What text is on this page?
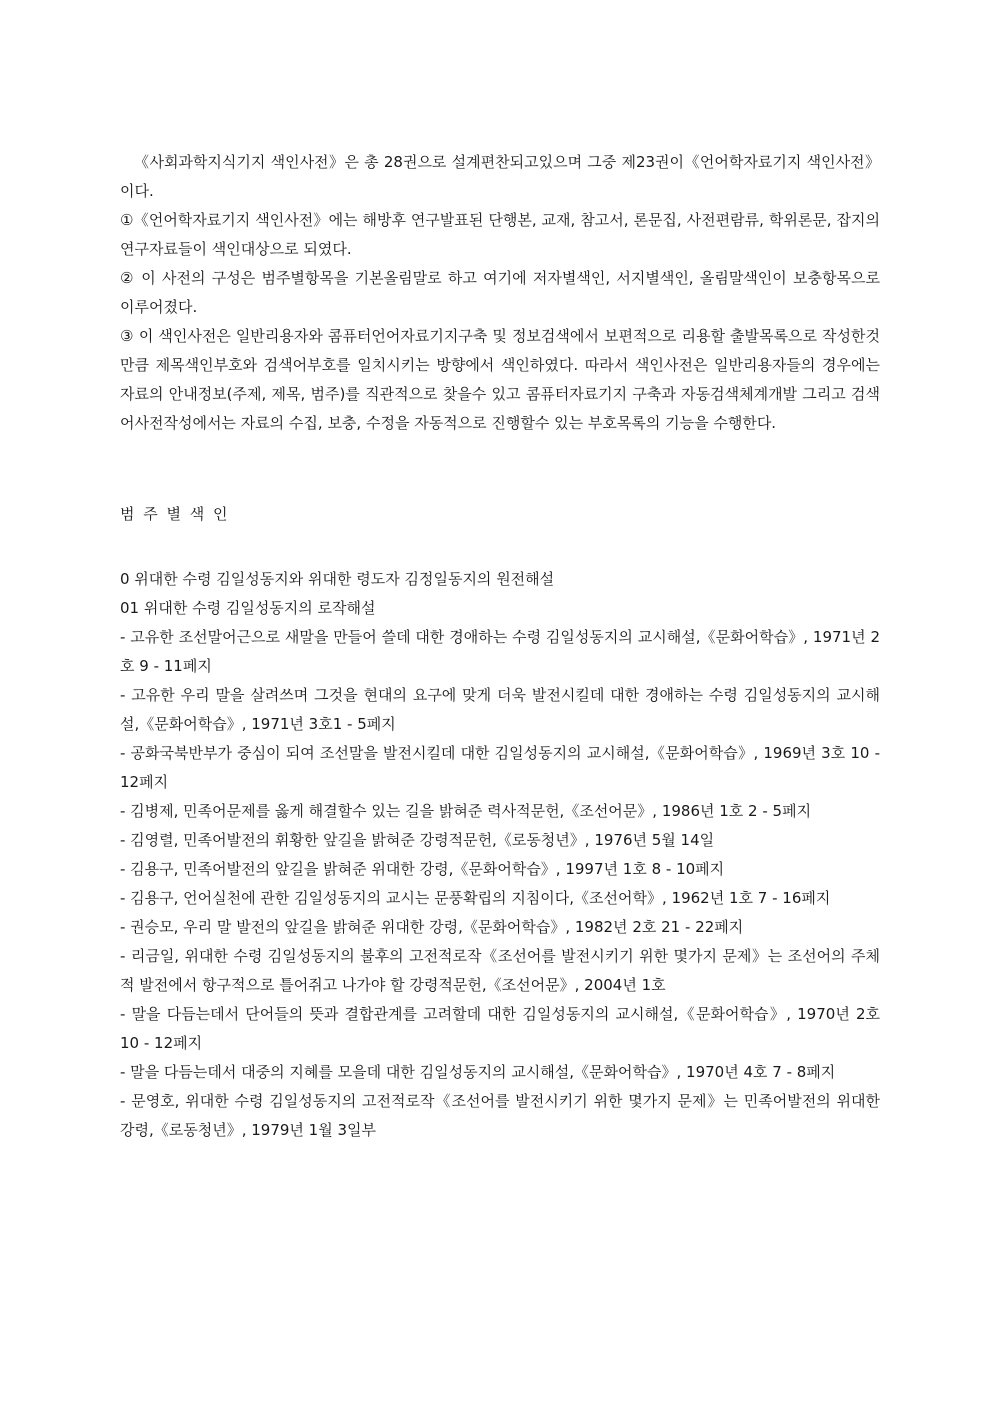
《사회과학지식기지 색인사전》은 총 28권으로 설계편찬되고있으며 그중 제23권이《언어학자료기지 색인사전》이다.

①《언어학자료기지 색인사전》에는 해방후 연구발표된 단행본, 교재, 참고서, 론문집, 사전편람류, 학위론문, 잡지의 연구자료들이 색인대상으로 되였다.

② 이 사전의 구성은 범주별항목을 기본올림말로 하고 여기에 저자별색인, 서지별색인, 올림말색인이 보충항목으로 이루어졌다.

③ 이 색인사전은 일반리용자와 콤퓨터언어자료기지구축 및 정보검색에서 보편적으로 리용할 출발목록으로 작성한것만큼 제목색인부호와 검색어부호를 일치시키는 방향에서 색인하였다. 따라서 색인사전은 일반리용자들의 경우에는 자료의 안내정보(주제, 제목, 범주)를 직관적으로 찾을수 있고 콤퓨터자료기지 구축과 자동검색체계개발 그리고 검색어사전작성에서는 자료의 수집, 보충, 수정을 자동적으로 진행할수 있는 부호목록의 기능을 수행한다.

범 주 별 색 인

0 위대한 수령 김일성동지와 위대한 령도자 김정일동지의 원전해설

01 위대한 수령 김일성동지의 로작해설

- 고유한 조선말어근으로 새말을 만들어 쓸데 대한 경애하는 수령 김일성동지의 교시해설,《문화어학습》, 1971년 2호 9 - 11페지

- 고유한 우리 말을 살려쓰며 그것을 현대의 요구에 맞게 더욱 발전시킬데 대한 경애하는 수령 김일성동지의 교시해설,《문화어학습》, 1971년 3호1 - 5페지

- 공화국북반부가 중심이 되여 조선말을 발전시킬데 대한 김일성동지의 교시해설,《문화어학습》, 1969년 3호 10 - 12페지

- 김병제, 민족어문제를 옳게 해결할수 있는 길을 밝혀준 력사적문헌,《조선어문》, 1986년 1호 2 - 5페지

- 김영렬, 민족어발전의 휘황한 앞길을 밝혀준 강령적문헌,《로동청년》, 1976년 5월 14일

- 김용구, 민족어발전의 앞길을 밝혀준 위대한 강령,《문화어학습》, 1997년 1호 8 - 10페지

- 김용구, 언어실천에 관한 김일성동지의 교시는 문풍확립의 지침이다,《조선어학》, 1962년 1호 7 - 16페지

- 권승모, 우리 말 발전의 앞길을 밝혀준 위대한 강령,《문화어학습》, 1982년 2호 21 - 22페지

- 리금일, 위대한 수령 김일성동지의 불후의 고전적로작《조선어를 발전시키기 위한 몇가지 문제》는 조선어의 주체적 발전에서 항구적으로 틀어쥐고 나가야 할 강령적문헌,《조선어문》, 2004년 1호

- 말을 다듬는데서 단어들의 뜻과 결합관계를 고려할데 대한 김일성동지의 교시해설,《문화어학습》, 1970년 2호 10 - 12페지

- 말을 다듬는데서 대중의 지혜를 모을데 대한 김일성동지의 교시해설,《문화어학습》, 1970년 4호 7 - 8페지

- 문영호, 위대한 수령 김일성동지의 고전적로작《조선어를 발전시키기 위한 몇가지 문제》는 민족어발전의 위대한 강령,《로동청년》, 1979년 1월 3일부
